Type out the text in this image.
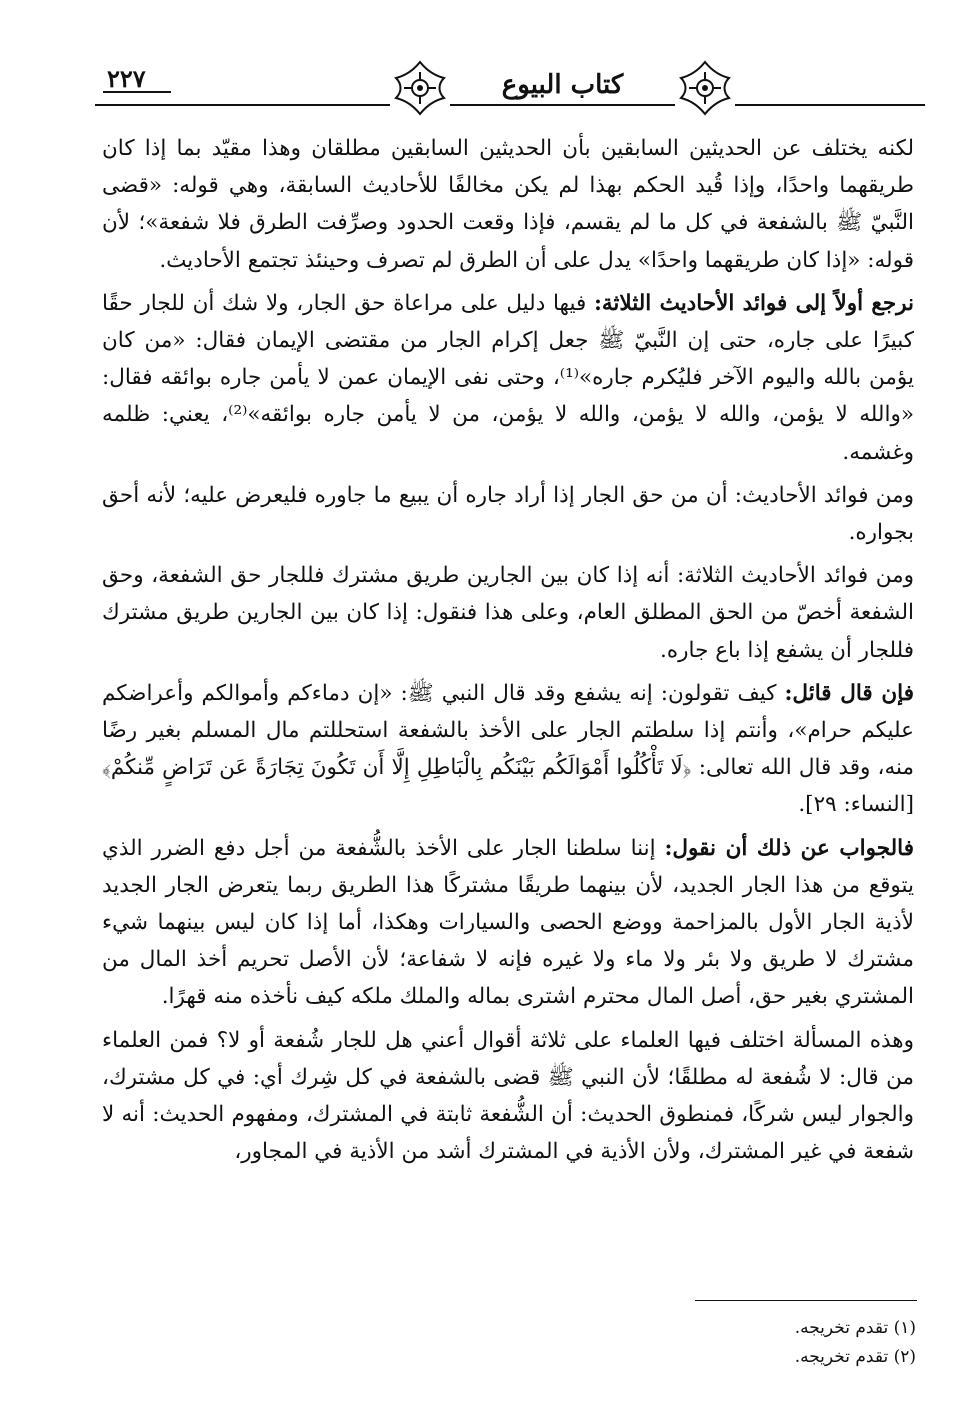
٢٢٧	كتاب البيوع

لكنه يختلف عن الحديثين السابقين بأن الحديثين السابقين مطلقان وهذا مقيّد بما إذا كان طريقهما واحدًا، وإذا قُيد الحكم بهذا لم يكن مخالفًا للأحاديث السابقة، وهي قوله: «قضى النَّبيّ ﷺ بالشفعة في كل ما لم يقسم، فإذا وقعت الحدود وصرِّفت الطرق فلا شفعة»؛ لأن قوله: «إذا كان طريقهما واحدًا» يدل على أن الطرق لم تصرف وحينئذ تجتمع الأحاديث.

نرجع أولاً إلى فوائد الأحاديث الثلاثة: فيها دليل على مراعاة حق الجار، ولا شك أن للجار حقًا كبيرًا على جاره، حتى إن النَّبيّ ﷺ جعل إكرام الجار من مقتضى الإيمان فقال: «من كان يؤمن بالله واليوم الآخر فليُكرم جاره»⁽¹⁾، وحتى نفى الإيمان عمن لا يأمن جاره بوائقه فقال: «والله لا يؤمن، والله لا يؤمن، والله لا يؤمن، من لا يأمن جاره بوائقه»⁽²⁾، يعني: ظلمه وغشمه.

ومن فوائد الأحاديث: أن من حق الجار إذا أراد جاره أن يبيع ما جاوره فليعرض عليه؛ لأنه أحق بجواره.

ومن فوائد الأحاديث الثلاثة: أنه إذا كان بين الجارين طريق مشترك فللجار حق الشفعة، وحق الشفعة أخصّ من الحق المطلق العام، وعلى هذا فنقول: إذا كان بين الجارين طريق مشترك فللجار أن يشفع إذا باع جاره.

فإن قال قائل: كيف تقولون: إنه يشفع وقد قال النبي ﷺ: «إن دماءكم وأموالكم وأعراضكم عليكم حرام»، وأنتم إذا سلطتم الجار على الأخذ بالشفعة استحللتم مال المسلم بغير رضًا منه، وقد قال الله تعالى: ﴿لَا تَأْكُلُوا أَمْوَالَكُم بَيْنَكُم بِالْبَاطِلِ إِلَّا أَن تَكُونَ تِجَارَةً عَن تَرَاضٍ مِّنكُمْ﴾ [النساء: ٢٩].

فالجواب عن ذلك أن نقول: إننا سلطنا الجار على الأخذ بالشُّفعة من أجل دفع الضرر الذي يتوقع من هذا الجار الجديد، لأن بينهما طريقًا مشتركًا هذا الطريق ربما يتعرض الجار الجديد لأذية الجار الأول بالمزاحمة ووضع الحصى والسيارات وهكذا، أما إذا كان ليس بينهما شيء مشترك لا طريق ولا بئر ولا ماء ولا غيره فإنه لا شفاعة؛ لأن الأصل تحريم أخذ المال من المشتري بغير حق، أصل المال محترم اشترى بماله والملك ملكه كيف نأخذه منه قهرًا.

وهذه المسألة اختلف فيها العلماء على ثلاثة أقوال أعني هل للجار شُفعة أو لا؟ فمن العلماء من قال: لا شُفعة له مطلقًا؛ لأن النبي ﷺ قضى بالشفعة في كل شِرك أي: في كل مشترك، والجوار ليس شركًا، فمنطوق الحديث: أن الشُّفعة ثابتة في المشترك، ومفهوم الحديث: أنه لا شفعة في غير المشترك، ولأن الأذية في المشترك أشد من الأذية في المجاور،

(١) تقدم تخريجه.
(٢) تقدم تخريجه.
